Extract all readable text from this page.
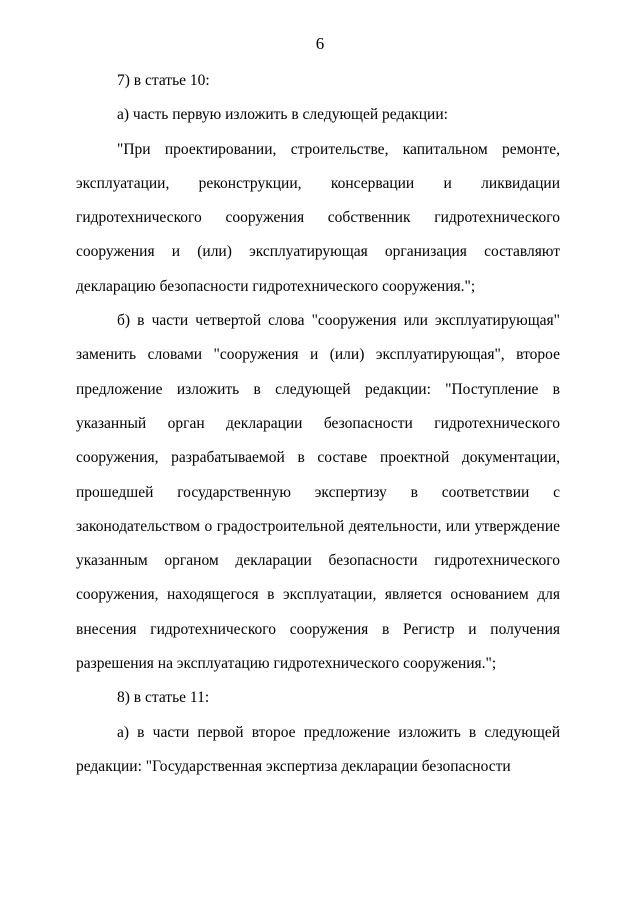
6

7) в статье 10:

а) часть первую изложить в следующей редакции:

"При проектировании, строительстве, капитальном ремонте, эксплуатации, реконструкции, консервации и ликвидации гидротехнического сооружения собственник гидротехнического сооружения и (или) эксплуатирующая организация составляют декларацию безопасности гидротехнического сооружения.";

б) в части четвертой слова "сооружения или эксплуатирующая" заменить словами "сооружения и (или) эксплуатирующая", второе предложение изложить в следующей редакции: "Поступление в указанный орган декларации безопасности гидротехнического сооружения, разрабатываемой в составе проектной документации, прошедшей государственную экспертизу в соответствии с законодательством о градостроительной деятельности, или утверждение указанным органом декларации безопасности гидротехнического сооружения, находящегося в эксплуатации, является основанием для внесения гидротехнического сооружения в Регистр и получения разрешения на эксплуатацию гидротехнического сооружения.";

8) в статье 11:

а) в части первой второе предложение изложить в следующей редакции: "Государственная экспертиза декларации безопасности
